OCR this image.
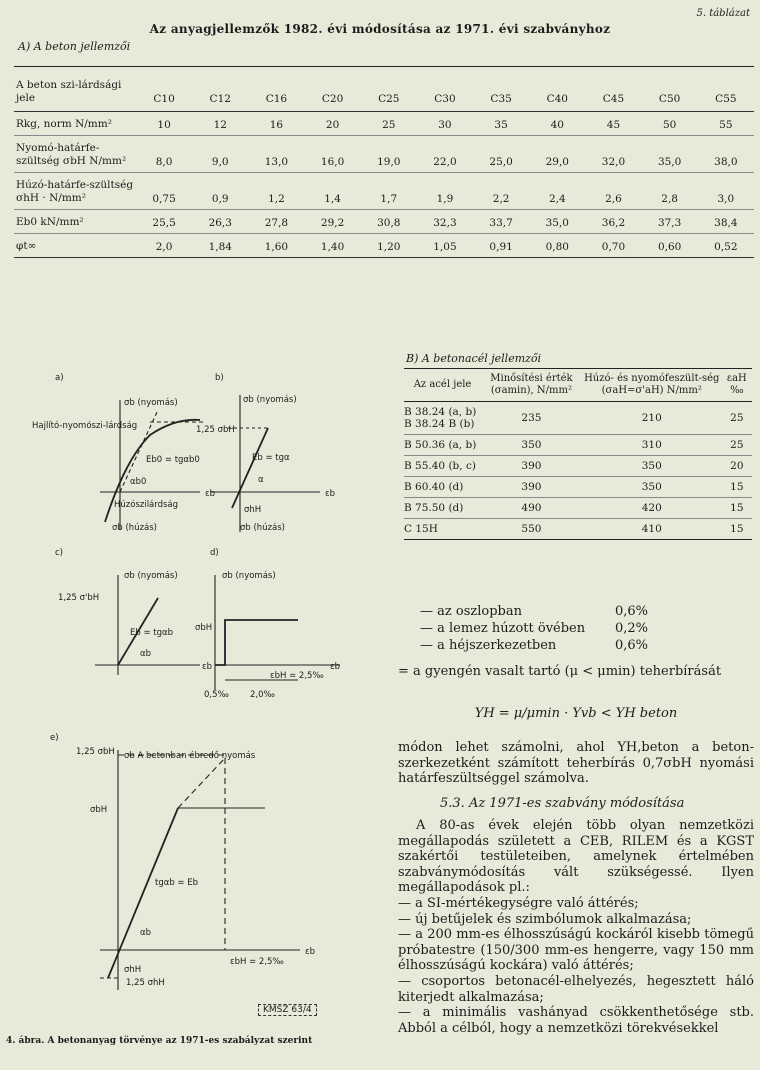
5. táblázat
Az anyagjellemzők 1982. évi módosítása az 1971. évi szabványhoz
A) A beton jellemzői
A beton szi-lárdsági jele	C10	C12	C16	C20	C25	C30	C35	C40	C45	C50	C55
Rkg, norm N/mm²	10	12	16	20	25	30	35	40	45	50	55
Nyomó-határfe-szültség σbH N/mm²	8,0	9,0	13,0	16,0	19,0	22,0	25,0	29,0	32,0	35,0	38,0
Húzó-határfe-szültség σhH · N/mm²	0,75	0,9	1,2	1,4	1,7	1,9	2,2	2,4	2,6	2,8	3,0
Eb0 kN/mm²	25,5	26,3	27,8	29,2	30,8	32,3	33,7	35,0	36,2	37,3	38,4
φt∞	2,0	1,84	1,60	1,40	1,20	1,05	0,91	0,80	0,70	0,60	0,52
a)	b)
c)	d)
e)
σb (nyomás)
Hajlító-nyomószi-lárdság
Eb0 = tgαb0
αb0
εb
Húzószilárdság
σb (húzás)
σb (nyomás)
1,25 σbH
Eb = tgα
α
εb
σhH
σb (húzás)
σb (nyomás)
1,25 σ'bH
Eb = tgαb
αb
εb
σb (nyomás)
σbH
εb
εbH = 2,5‰
0,5‰ 2,0‰
σb A betonban ébredő nyomás
1,25 σbH
σbH
tgαb = Eb
αb
εb
εbH = 2,5‰
σhH
1,25 σhH
KMSZ 63/4
4. ábra. A betonanyag törvénye az 1971-es szabályzat szerint
B) A betonacél jellemzői
Az acél jele	Minősítési érték (σamin), N/mm²	Húzó- és nyomófeszült-ség (σaH=σ'aH) N/mm²	εaH ‰
B 38.24 (a, b) B 38.24 B (b)	235	210	25
B 50.36 (a, b)	350	310	25
B 55.40 (b, c)	390	350	20
B 60.40 (d)	390	350	15
B 75.50 (d)	490	420	15
C 15H	550	410	15
— az oszlopban	0,6%
— a lemez húzott övében 0,2%
— a héjszerkezetben	0,6%
= a gyengén vasalt tartó (μ < μmin) teherbírását
YH = μ/μmin · Yvb < YH beton
módon lehet számolni, ahol YH,beton a beton-szerkezetként számított teherbírás 0,7σbH nyomási határfeszültséggel számolva.
5.3. Az 1971-es szabvány módosítása
A 80-as évek elején több olyan nemzetközi megállapodás született a CEB, RILEM és a KGST szakértői testületeiben, amelynek értelmében szabványmódosítás vált szükségessé. Ilyen megállapodások pl.:
— a SI-mértékegységre való áttérés;
— új betűjelek és szimbólumok alkalmazása;
— a 200 mm-es élhosszúságú kockáról kisebb tömegű próbatestre (150/300 mm-es hengerre, vagy 150 mm élhosszúságú kockára) való áttérés;
— csoportos betonacél-elhelyezés, hegesztett háló kiterjedt alkalmazása;
— a minimális vashányad csökkenthetősége stb. Abból a célból, hogy a nemzetközi törekvésekkel
